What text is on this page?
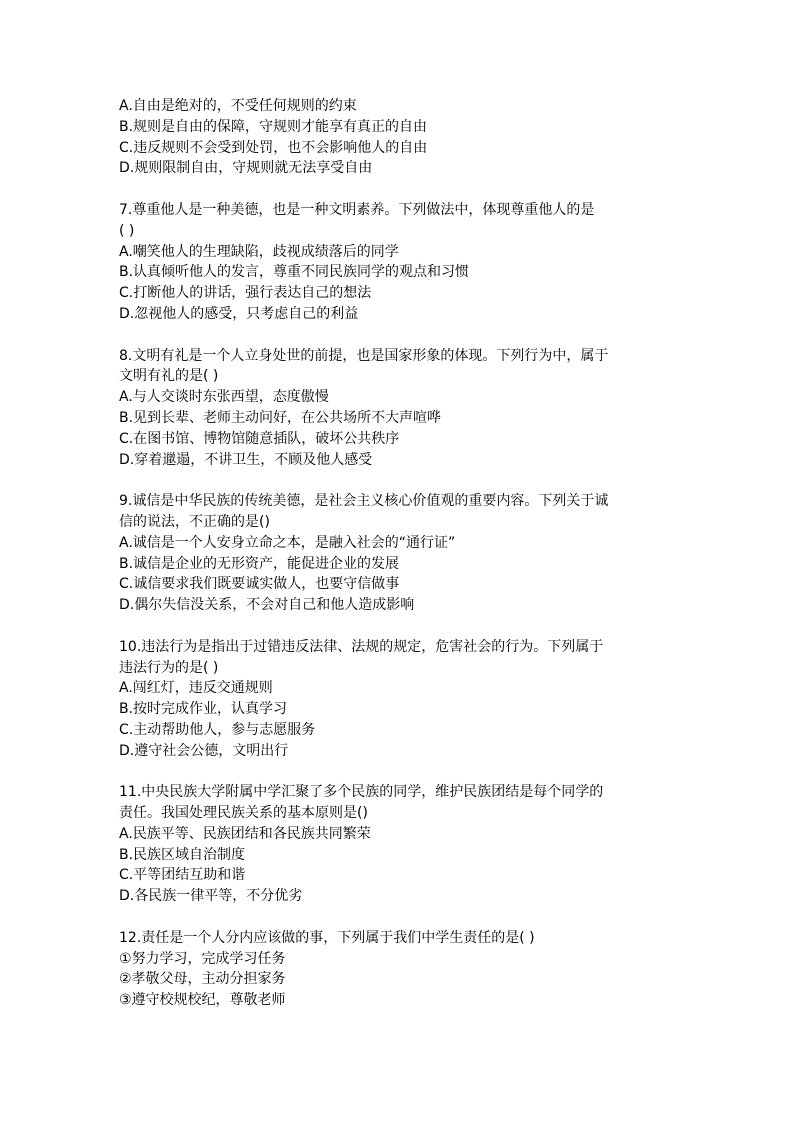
A.自由是绝对的，不受任何规则的约束
B.规则是自由的保障，守规则才能享有真正的自由
C.违反规则不会受到处罚，也不会影响他人的自由
D.规则限制自由，守规则就无法享受自由
7.尊重他人是一种美德，也是一种文明素养。下列做法中，体现尊重他人的是
( )
A.嘲笑他人的生理缺陷，歧视成绩落后的同学
B.认真倾听他人的发言，尊重不同民族同学的观点和习惯
C.打断他人的讲话，强行表达自己的想法
D.忽视他人的感受，只考虑自己的利益
8.文明有礼是一个人立身处世的前提，也是国家形象的体现。下列行为中，属于
文明有礼的是( )
A.与人交谈时东张西望，态度傲慢
B.见到长辈、老师主动问好，在公共场所不大声喧哗
C.在图书馆、博物馆随意插队，破坏公共秩序
D.穿着邋遢，不讲卫生，不顾及他人感受
9.诚信是中华民族的传统美德，是社会主义核心价值观的重要内容。下列关于诚
信的说法，不正确的是()
A.诚信是一个人安身立命之本，是融入社会的“通行证”
B.诚信是企业的无形资产，能促进企业的发展
C.诚信要求我们既要诚实做人，也要守信做事
D.偶尔失信没关系，不会对自己和他人造成影响
10.违法行为是指出于过错违反法律、法规的规定，危害社会的行为。下列属于
违法行为的是( )
A.闯红灯，违反交通规则
B.按时完成作业，认真学习
C.主动帮助他人，参与志愿服务
D.遵守社会公德，文明出行
11.中央民族大学附属中学汇聚了多个民族的同学，维护民族团结是每个同学的
责任。我国处理民族关系的基本原则是()
A.民族平等、民族团结和各民族共同繁荣
B.民族区域自治制度
C.平等团结互助和谐
D.各民族一律平等，不分优劣
12.责任是一个人分内应该做的事，下列属于我们中学生责任的是( )
①努力学习，完成学习任务
②孝敬父母，主动分担家务
③遵守校规校纪，尊敬老师
